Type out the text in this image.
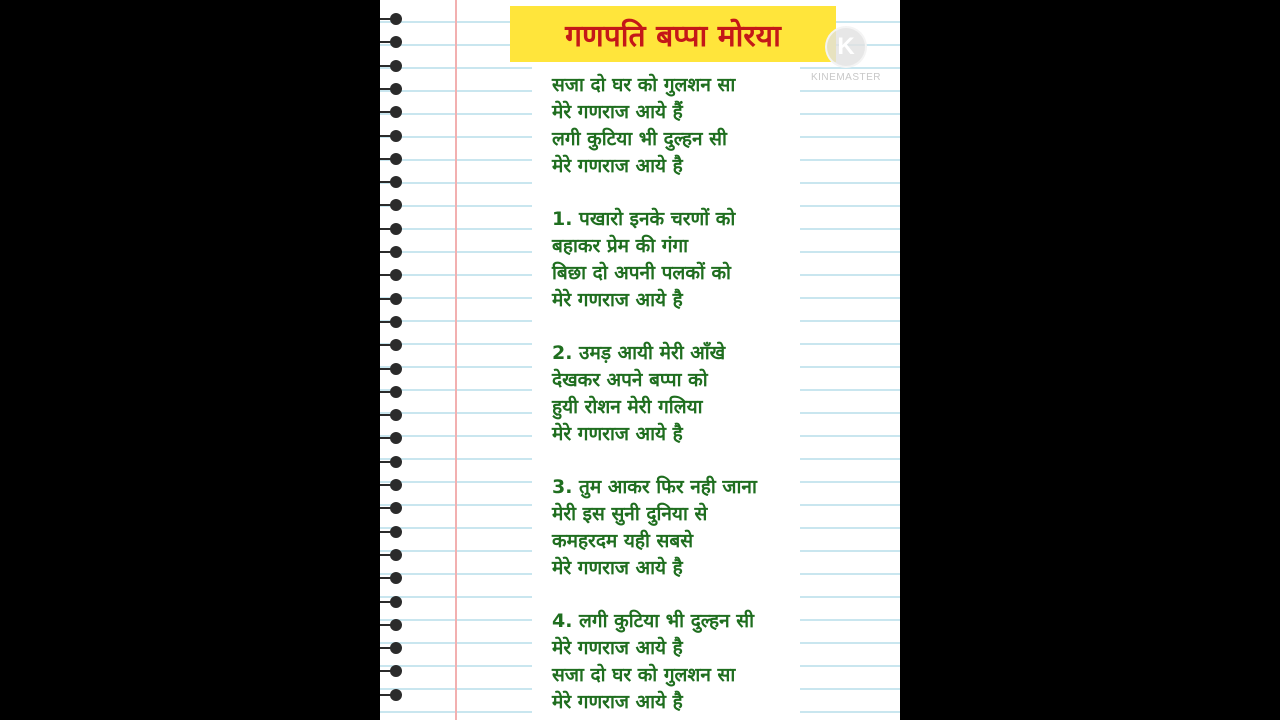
गणपति बप्पा मोरया	K
KINEMASTER
सजा दो घर को गुलशन सा
मेरे गणराज आये हैं
लगी कुटिया भी दुल्हन सी
मेरे गणराज आये है
1. पखारो इनके चरणों को
बहाकर प्रेम की गंगा
बिछा दो अपनी पलकों को
मेरे गणराज आये है
2. उमड़ आयी मेरी आँखे
देखकर अपने बप्पा को
हुयी रोशन मेरी गलिया
मेरे गणराज आये है
3. तुम आकर फिर नही जाना
मेरी इस सुनी दुनिया से
कमहरदम यही सबसे
मेरे गणराज आये है
4. लगी कुटिया भी दुल्हन सी
मेरे गणराज आये है
सजा दो घर को गुलशन सा
मेरे गणराज आये है
